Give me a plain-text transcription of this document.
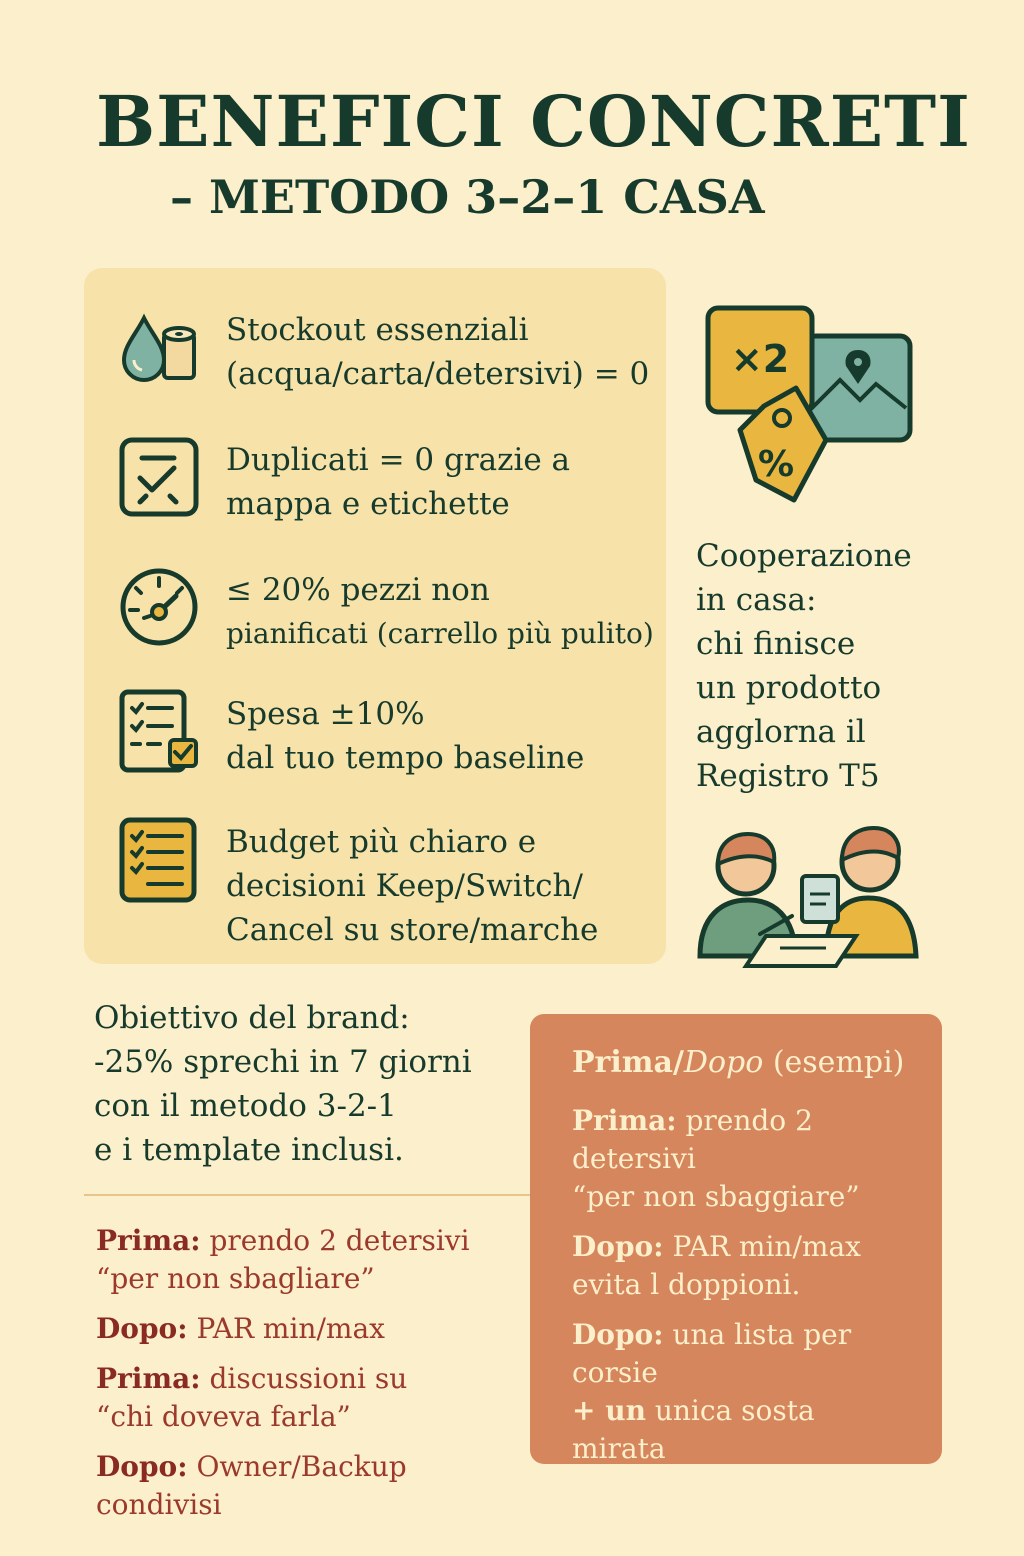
BENEFICI CONCRETI
– METODO 3–2–1 CASA
Stockout essenziali
(acqua/carta/detersivi) = 0
Duplicati = 0 grazie a
mappa e etichette
≤ 20% pezzi non
pianificati (carrello più pulito)
Spesa ±10%
dal tuo tempo baseline
Budget più chiaro e
decisioni Keep/Switch/
Cancel su store/marche
×2
%
Cooperazione
in casa:
chi finisce
un prodotto
agglorna il
Registro T5
Obiettivo del brand:
-25% sprechi in 7 giorni
con il metodo 3-2-1
e i template inclusi.
Prima: prendo 2 detersivi
“per non sbagliare”
Dopo: PAR min/max
Prima: discussioni su
“chi doveva farla”
Dopo: Owner/Backup condivisi
Prima/Dopo (esempi)
Prima: prendo 2 detersivi
“per non sbaggiare”
Dopo: PAR min/max
evita l doppioni.
Dopo: una lista per corsie
+ un unica sosta mirata
Dopo: Owner/Backup
condivisi.
